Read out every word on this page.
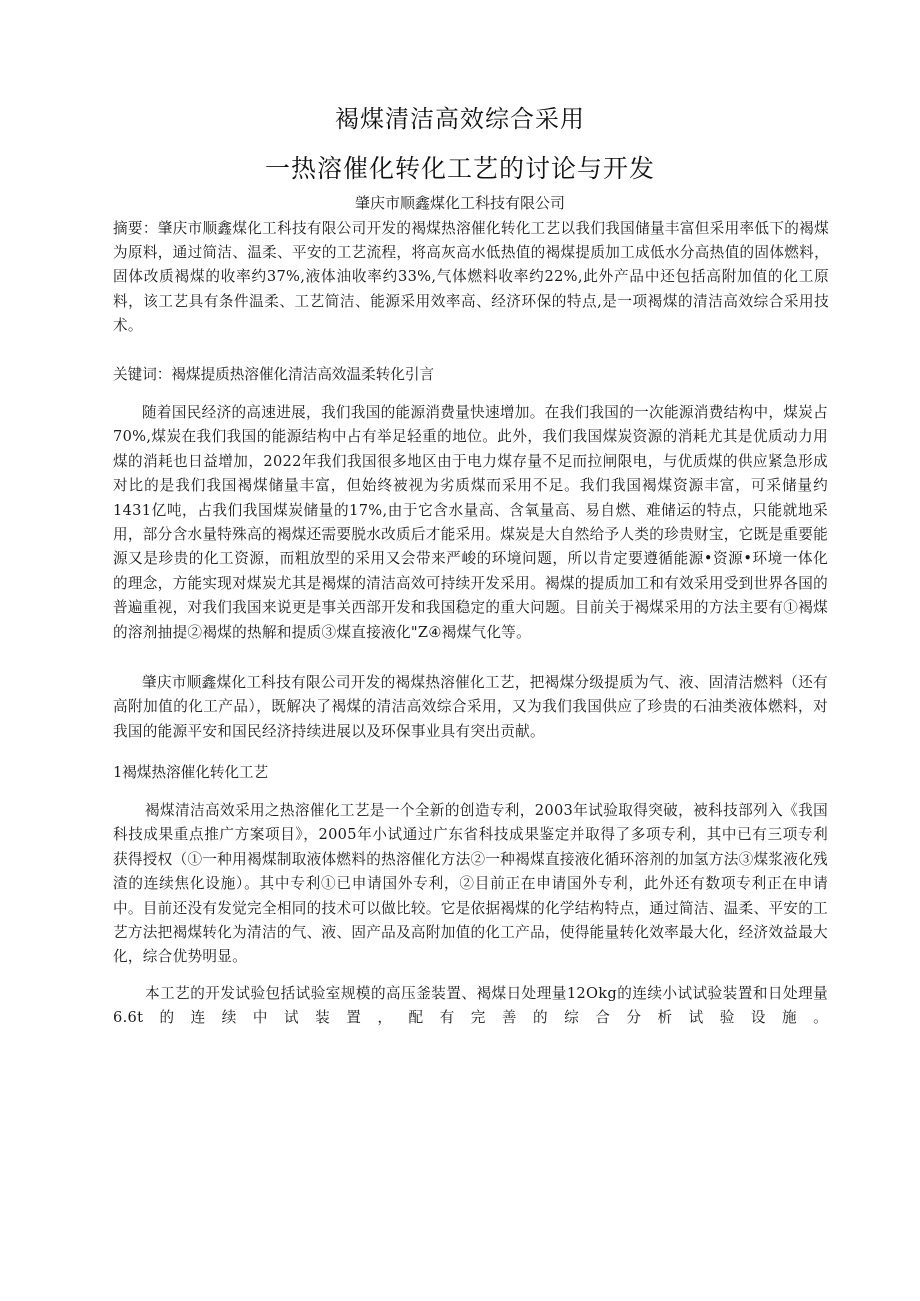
褐煤清洁高效综合采用
一热溶催化转化工艺的讨论与开发
肇庆市顺鑫煤化工科技有限公司

摘要：肇庆市顺鑫煤化工科技有限公司开发的褐煤热溶催化转化工艺以我们我国储量丰富但采用率低下的褐煤为原料，通过简洁、温柔、平安的工艺流程，将高灰高水低热值的褐煤提质加工成低水分高热值的固体燃料，固体改质褐煤的收率约37%,液体油收率约33%,气体燃料收率约22%,此外产品中还包括高附加值的化工原料，该工艺具有条件温柔、工艺简洁、能源采用效率高、经济环保的特点,是一项褐煤的清洁高效综合采用技术。

关键词：褐煤提质热溶催化清洁高效温柔转化引言

随着国民经济的高速进展，我们我国的能源消费量快速增加。在我们我国的一次能源消费结构中，煤炭占70%,煤炭在我们我国的能源结构中占有举足轻重的地位。此外，我们我国煤炭资源的消耗尤其是优质动力用煤的消耗也日益增加，2022年我们我国很多地区由于电力煤存量不足而拉闸限电，与优质煤的供应紧急形成对比的是我们我国褐煤储量丰富，但始终被视为劣质煤而采用不足。我们我国褐煤资源丰富，可采储量约1431亿吨，占我们我国煤炭储量的17%,由于它含水量高、含氧量高、易自燃、难储运的特点，只能就地采用，部分含水量特殊高的褐煤还需要脱水改质后才能采用。煤炭是大自然给予人类的珍贵财宝，它既是重要能源又是珍贵的化工资源，而粗放型的采用又会带来严峻的环境问题，所以肯定要遵循能源•资源•环境一体化的理念，方能实现对煤炭尤其是褐煤的清洁高效可持续开发采用。褐煤的提质加工和有效采用受到世界各国的普遍重视，对我们我国来说更是事关西部开发和我国稳定的重大问题。目前关于褐煤采用的方法主要有①褐煤的溶剂抽提②褐煤的热解和提质③煤直接液化"Z④褐煤气化等。

肇庆市顺鑫煤化工科技有限公司开发的褐煤热溶催化工艺，把褐煤分级提质为气、液、固清洁燃料（还有高附加值的化工产品），既解决了褐煤的清洁高效综合采用，又为我们我国供应了珍贵的石油类液体燃料，对我国的能源平安和国民经济持续进展以及环保事业具有突出贡献。

1褐煤热溶催化转化工艺

褐煤清洁高效采用之热溶催化工艺是一个全新的创造专利，2003年试验取得突破，被科技部列入《我国科技成果重点推广方案项目》，2005年小试通过广东省科技成果鉴定并取得了多项专利，其中已有三项专利获得授权（①一种用褐煤制取液体燃料的热溶催化方法②一种褐煤直接液化循环溶剂的加氢方法③煤浆液化残渣的连续焦化设施）。其中专利①已申请国外专利，②目前正在申请国外专利，此外还有数项专利正在申请中。目前还没有发觉完全相同的技术可以做比较。它是依据褐煤的化学结构特点，通过简洁、温柔、平安的工艺方法把褐煤转化为清洁的气、液、固产品及高附加值的化工产品，使得能量转化效率最大化，经济效益最大化，综合优势明显。

本工艺的开发试验包括试验室规模的高压釜装置、褐煤日处理量12Okg的连续小试试验装置和日处理量6.6t的连续中试装置，配有完善的综合分析试验设施。
